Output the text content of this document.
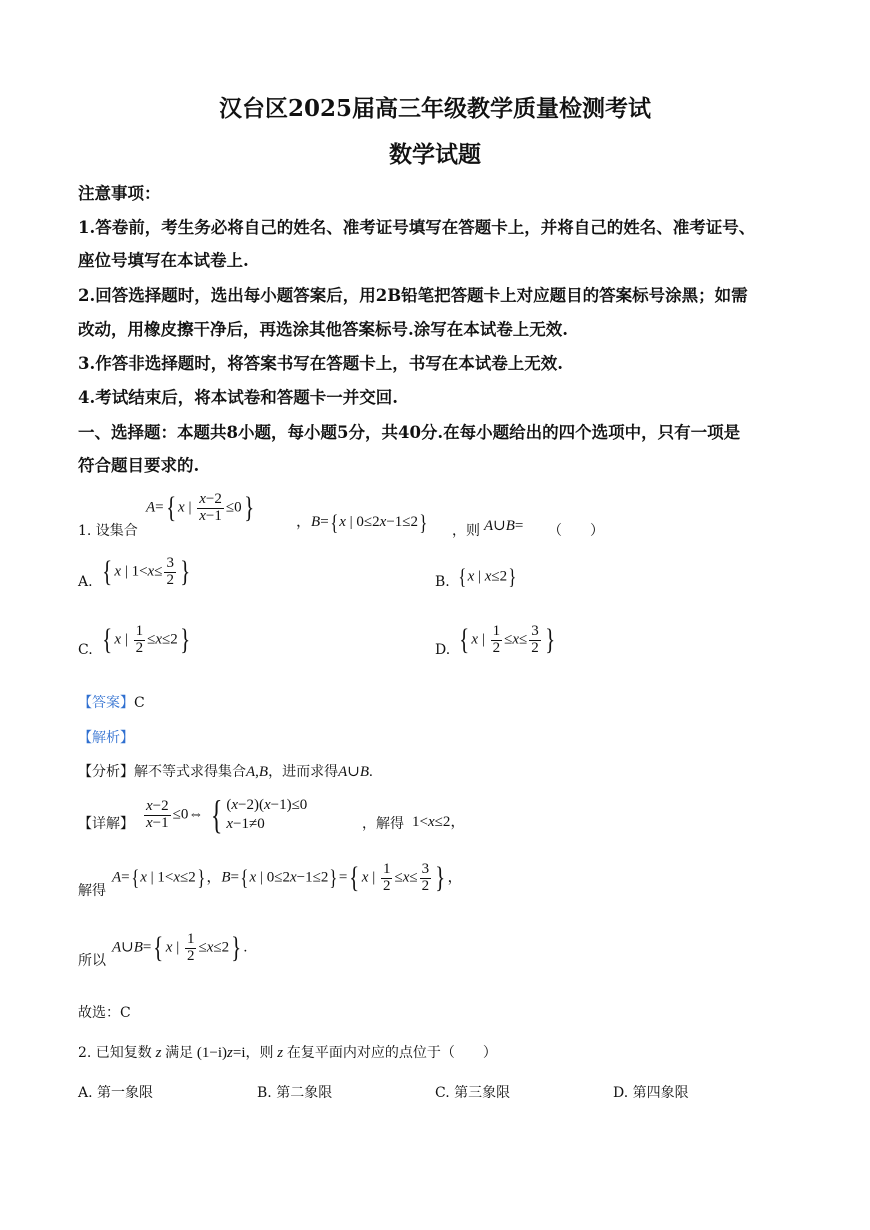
汉台区2025届高三年级教学质量检测考试
数学试题
注意事项：
1.答卷前，考生务必将自己的姓名、准考证号填写在答题卡上，并将自己的姓名、准考证号、
座位号填写在本试卷上.
2.回答选择题时，选出每小题答案后，用2B铅笔把答题卡上对应题目的答案标号涂黑；如需
改动，用橡皮擦干净后，再选涂其他答案标号.涂写在本试卷上无效.
3.作答非选择题时，将答案书写在答题卡上，书写在本试卷上无效.
4.考试结束后，将本试卷和答题卡一并交回.
一、选择题：本题共8小题，每小题5分，共40分.在每小题给出的四个选项中，只有一项是
符合题目要求的.
1. 设集合
A={ x | $\frac{x-2}{x-1} \le 0$}	，B={x | 0≤2x−1≤2} ，则 A∪B= （　　）
A. { x | $1<x\le \frac{3}{2}$ }	B. {x | x≤2}
C. { x | $\frac{1}{2} \le x\le 2$}	D. { x | $\frac{1}{2} \le x\le \frac{3}{2}$ }
【答案】C
【解析】
【分析】解不等式求得集合A,B，进而求得A∪B.
【详解】 $\frac{x-2}{x-1}$ ≤0⇔ { (x−2)(x−1)≤0
x−1≠0	，解得 1<x≤2，
解得
A={x | 1<x≤2}，B={x | 0≤2x−1≤2}={ x | $\frac{1}{2} \le x\le \frac{3}{2}$ } ，
所以
A∪B={ x | $\frac{1}{2} \le x\le 2$} .
故选：C
2. 已知复数 z 满足 (1−i)z=i，则 z 在复平面内对应的点位于（　　）
A. 第一象限	B. 第二象限	C. 第三象限	D. 第四象限
